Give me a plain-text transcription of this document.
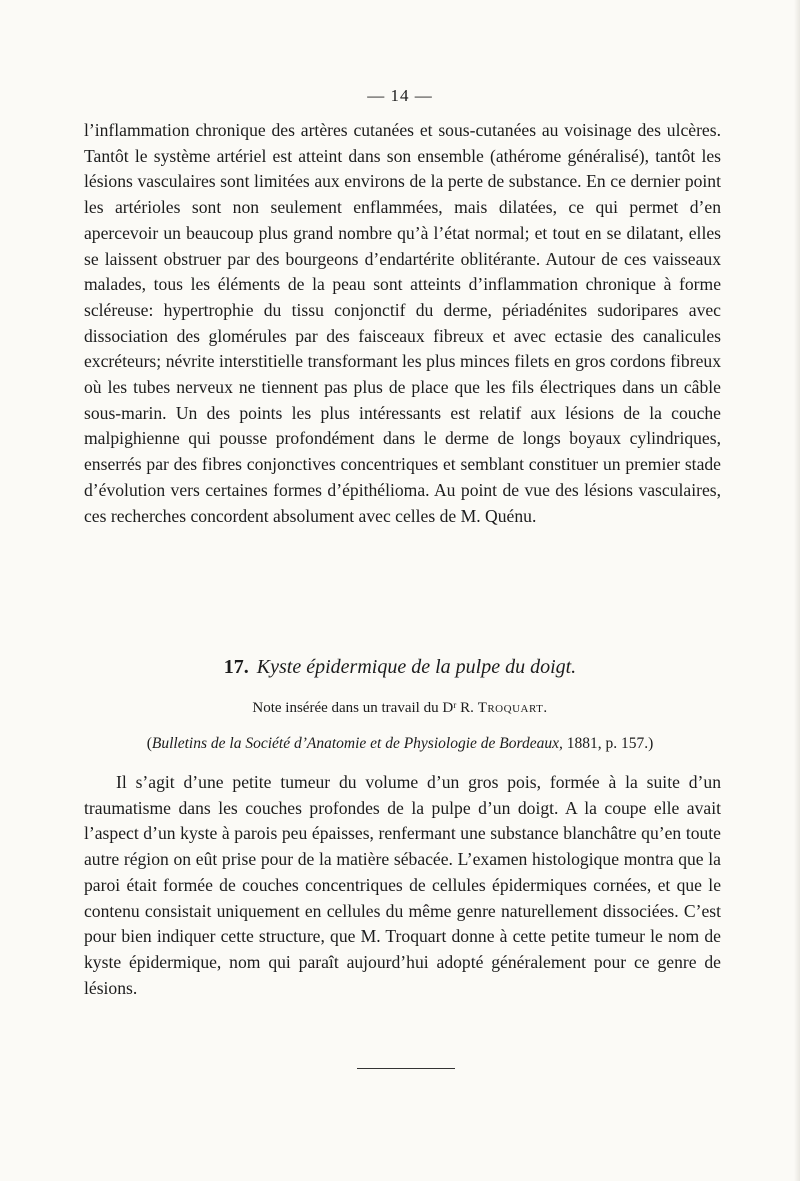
— 14 —

l’inflammation chronique des artères cutanées et sous-cutanées au voisinage des ulcères. Tantôt le système artériel est atteint dans son ensemble (athérome généralisé), tantôt les lésions vasculaires sont limitées aux environs de la perte de substance. En ce dernier point les artérioles sont non seulement enflammées, mais dilatées, ce qui permet d’en apercevoir un beaucoup plus grand nombre qu’à l’état normal; et tout en se dilatant, elles se laissent obstruer par des bourgeons d’endartérite oblitérante. Autour de ces vaisseaux malades, tous les éléments de la peau sont atteints d’inflammation chronique à forme scléreuse: hypertrophie du tissu conjonctif du derme, périadénites sudoripares avec dissociation des glomérules par des faisceaux fibreux et avec ectasie des canalicules excréteurs; névrite interstitielle transformant les plus minces filets en gros cordons fibreux où les tubes nerveux ne tiennent pas plus de place que les fils électriques dans un câble sous-marin. Un des points les plus intéressants est relatif aux lésions de la couche malpighienne qui pousse profondément dans le derme de longs boyaux cylindriques, enserrés par des fibres conjonctives concentriques et semblant constituer un premier stade d’évolution vers certaines formes d’épithélioma. Au point de vue des lésions vasculaires, ces recherches concordent absolument avec celles de M. Quénu.

17. Kyste épidermique de la pulpe du doigt.
Note insérée dans un travail du Dʳ R. Troquart.
(Bulletins de la Société d’Anatomie et de Physiologie de Bordeaux, 1881, p. 157.)

Il s’agit d’une petite tumeur du volume d’un gros pois, formée à la suite d’un traumatisme dans les couches profondes de la pulpe d’un doigt. A la coupe elle avait l’aspect d’un kyste à parois peu épaisses, renfermant une substance blanchâtre qu’en toute autre région on eût prise pour de la matière sébacée. L’examen histologique montra que la paroi était formée de couches concentriques de cellules épidermiques cornées, et que le contenu consistait uniquement en cellules du même genre naturellement dissociées. C’est pour bien indiquer cette structure, que M. Troquart donne à cette petite tumeur le nom de kyste épidermique, nom qui paraît aujourd’hui adopté généralement pour ce genre de lésions.
